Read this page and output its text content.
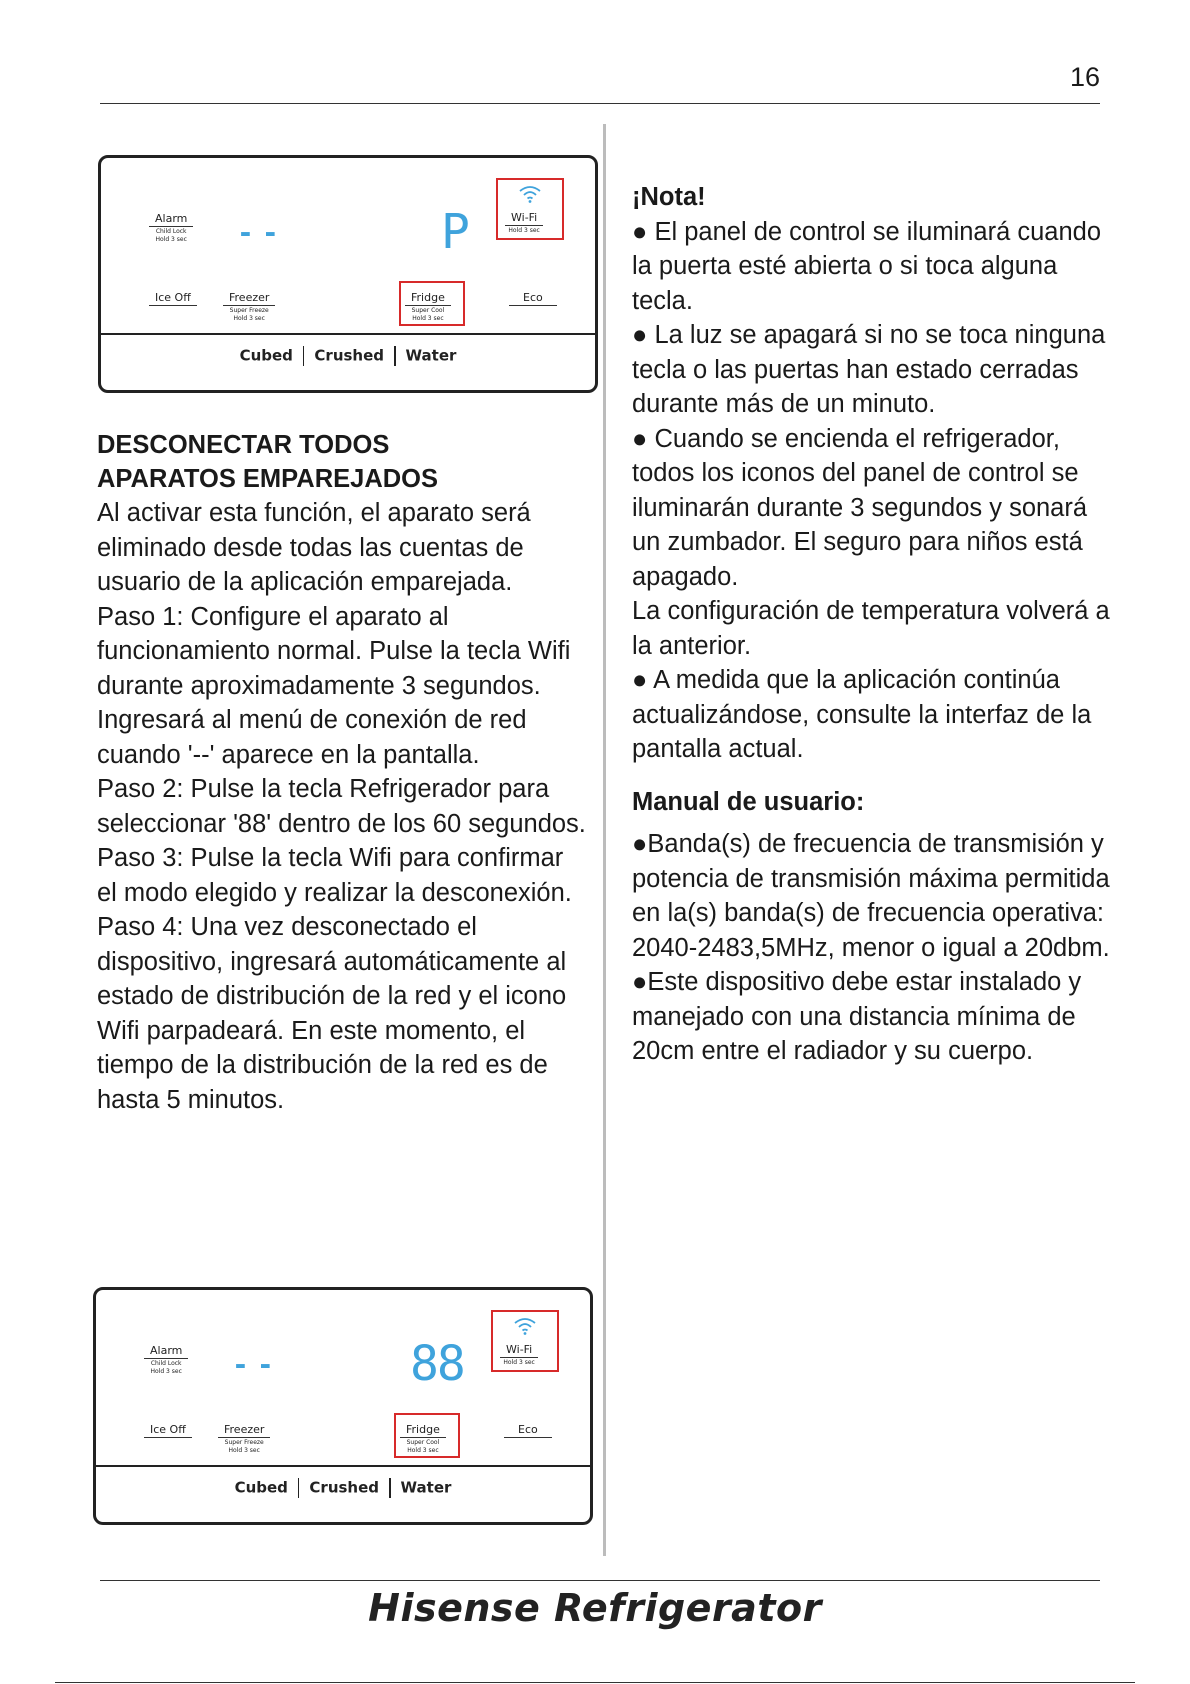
16
Alarm
Child Lock
Hold 3 sec --	P	Wi-Fi
Hold 3 sec
Ice Off	Freezer
Super Freeze
Hold 3 sec
Fridge
Super Cool
Hold 3 sec
Eco
Cubed Crushed Water
DESCONECTAR TODOS
APARATOS EMPAREJADOS

Al activar esta función, el aparato será eliminado desde todas las cuentas de usuario de la aplicación emparejada.

Paso 1: Configure el aparato al funcionamiento normal. Pulse la tecla Wifi durante aproximadamente 3 segundos. Ingresará al menú de conexión de red cuando '--' aparece en la pantalla.

Paso 2: Pulse la tecla Refrigerador para seleccionar '88' dentro de los 60 segundos.

Paso 3: Pulse la tecla Wifi para confirmar el modo elegido y realizar la desconexión.

Paso 4: Una vez desconectado el dispositivo, ingresará automáticamente al estado de distribución de la red y el icono Wifi parpadeará. En este momento, el tiempo de la distribución de la red es de hasta 5 minutos.

Alarm
Child Lock
Hold 3 sec --	88	Wi-Fi
Hold 3 sec
Ice Off	Freezer
Super Freeze
Hold 3 sec
Fridge
Super Cool
Hold 3 sec
Eco
Cubed Crushed Water

¡Nota!

● El panel de control se iluminará cuando la puerta esté abierta o si toca alguna tecla.

● La luz se apagará si no se toca ninguna tecla o las puertas han estado cerradas durante más de un minuto.

● Cuando se encienda el refrigerador, todos los iconos del panel de control se iluminarán durante 3 segundos y sonará un zumbador. El seguro para niños está apagado.

La configuración de temperatura volverá a la anterior.

● A medida que la aplicación continúa actualizándose, consulte la interfaz de la pantalla actual.

Manual de usuario:

●Banda(s) de frecuencia de transmisión y potencia de transmisión máxima permitida en la(s) banda(s) de frecuencia operativa: 2040-2483,5MHz, menor o igual a 20dbm.

●Este dispositivo debe estar instalado y manejado con una distancia mínima de 20cm entre el radiador y su cuerpo.

Hisense Refrigerator
